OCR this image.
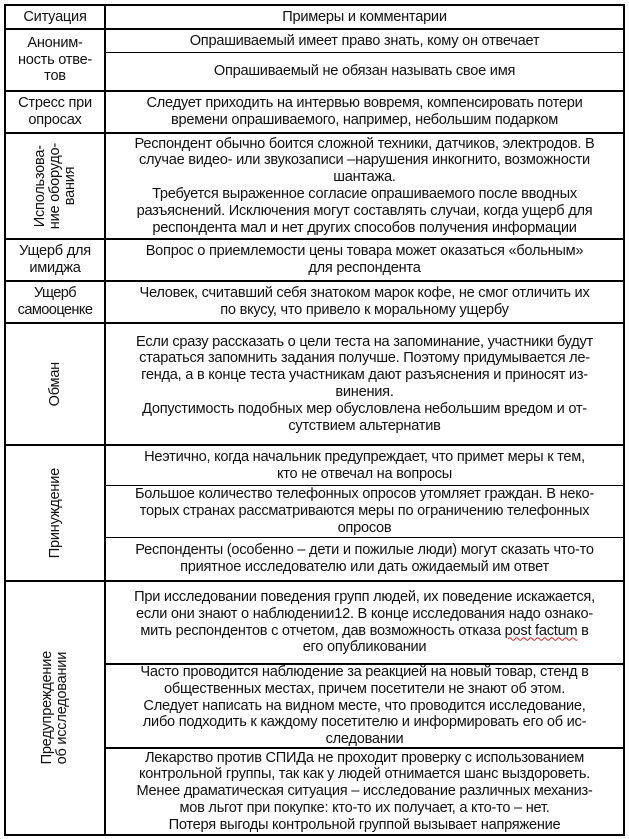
Ситуация	Примеры и комментарии
Аноним-
ность отве-
тов
Опрашиваемый имеет право знать, кому он отвечает
Опрашиваемый не обязан называть свое имя
Стресс при
опросах
Следует приходить на интервью вовремя, компенсировать потери
времени опрашиваемого, например, небольшим подарком
Использова-
ние оборудо-
вания
Респондент обычно боится сложной техники, датчиков, электродов. В
случае видео- или звукозаписи –нарушения инкогнито, возможности
шантажа.
Требуется выраженное согласие опрашиваемого после вводных
разъяснений. Исключения могут составлять случаи, когда ущерб для
респондента мал и нет других способов получения информации
Ущерб для
имиджа
Вопрос о приемлемости цены товара может оказаться «больным»
для респондента
Ущерб
самооценке
Человек, считавший себя знатоком марок кофе, не смог отличить их
по вкусу, что привело к моральному ущербу
Обман
Если сразу рассказать о цели теста на запоминание, участники будут
стараться запомнить задания получше. Поэтому придумывается ле-
генда, а в конце теста участникам дают разъяснения и приносят из-
винения.
Допустимость подобных мер обусловлена небольшим вредом и от-
сутствием альтернатив
Принуждение
Неэтично, когда начальник предупреждает, что примет меры к тем,
кто не отвечал на вопросы
Большое количество телефонных опросов утомляет граждан. В неко-
торых странах рассматриваются меры по ограничению телефонных
опросов
Респонденты (особенно – дети и пожилые люди) могут сказать что-то
приятное исследователю или дать ожидаемый им ответ
Предупреждение
об исследовании
При исследовании поведения групп людей, их поведение искажается,
если они знают о наблюдении12. В конце исследования надо ознако-
мить респондентов с отчетом, дав возможность отказа post factum в
его опубликовании
Часто проводится наблюдение за реакцией на новый товар, стенд в
общественных местах, причем посетители не знают об этом.
Следует написать на видном месте, что проводится исследование,
либо подходить к каждому посетителю и информировать его об ис-
следовании
Лекарство против СПИДа не проходит проверку с использованием
контрольной группы, так как у людей отнимается шанс выздороветь.
Менее драматическая ситуация – исследование различных механиз-
мов льгот при покупке: кто-то их получает, а кто-то – нет.
Потеря выгоды контрольной группой вызывает напряжение
